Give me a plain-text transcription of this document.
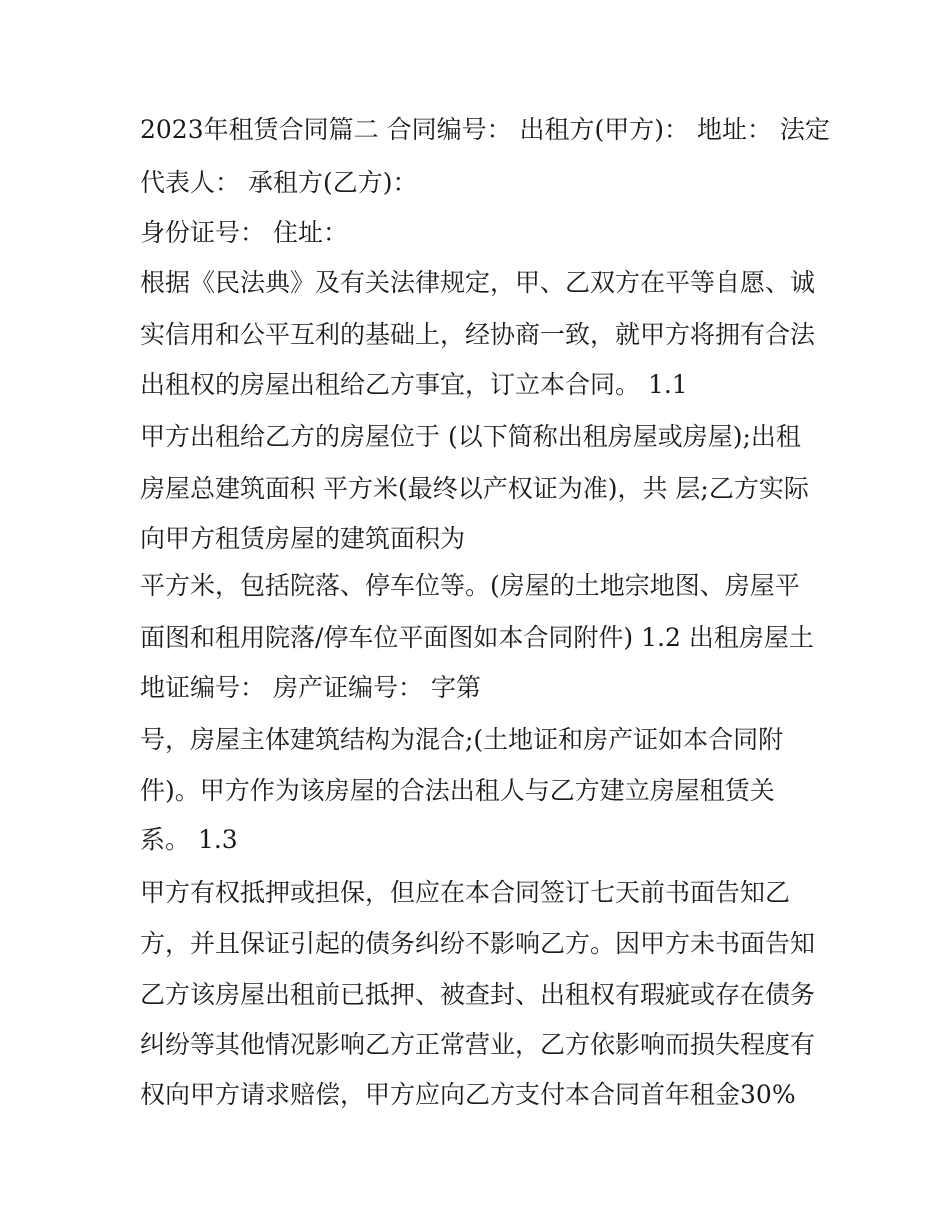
2023年租赁合同篇二 合同编号： 出租方(甲方)： 地址： 法定
代表人： 承租方(乙方)：
身份证号： 住址：
根据《民法典》及有关法律规定，甲、乙双方在平等自愿、诚
实信用和公平互利的基础上，经协商一致，就甲方将拥有合法
出租权的房屋出租给乙方事宜，订立本合同。 1.1
甲方出租给乙方的房屋位于 (以下简称出租房屋或房屋);出租
房屋总建筑面积 平方米(最终以产权证为准)，共 层;乙方实际
向甲方租赁房屋的建筑面积为
平方米，包括院落、停车位等。(房屋的土地宗地图、房屋平
面图和租用院落/停车位平面图如本合同附件) 1.2 出租房屋土
地证编号： 房产证编号： 字第
号，房屋主体建筑结构为混合;(土地证和房产证如本合同附
件)。甲方作为该房屋的合法出租人与乙方建立房屋租赁关
系。 1.3
甲方有权抵押或担保，但应在本合同签订七天前书面告知乙
方，并且保证引起的债务纠纷不影响乙方。因甲方未书面告知
乙方该房屋出租前已抵押、被查封、出租权有瑕疵或存在债务
纠纷等其他情况影响乙方正常营业，乙方依影响而损失程度有
权向甲方请求赔偿，甲方应向乙方支付本合同首年租金30%
